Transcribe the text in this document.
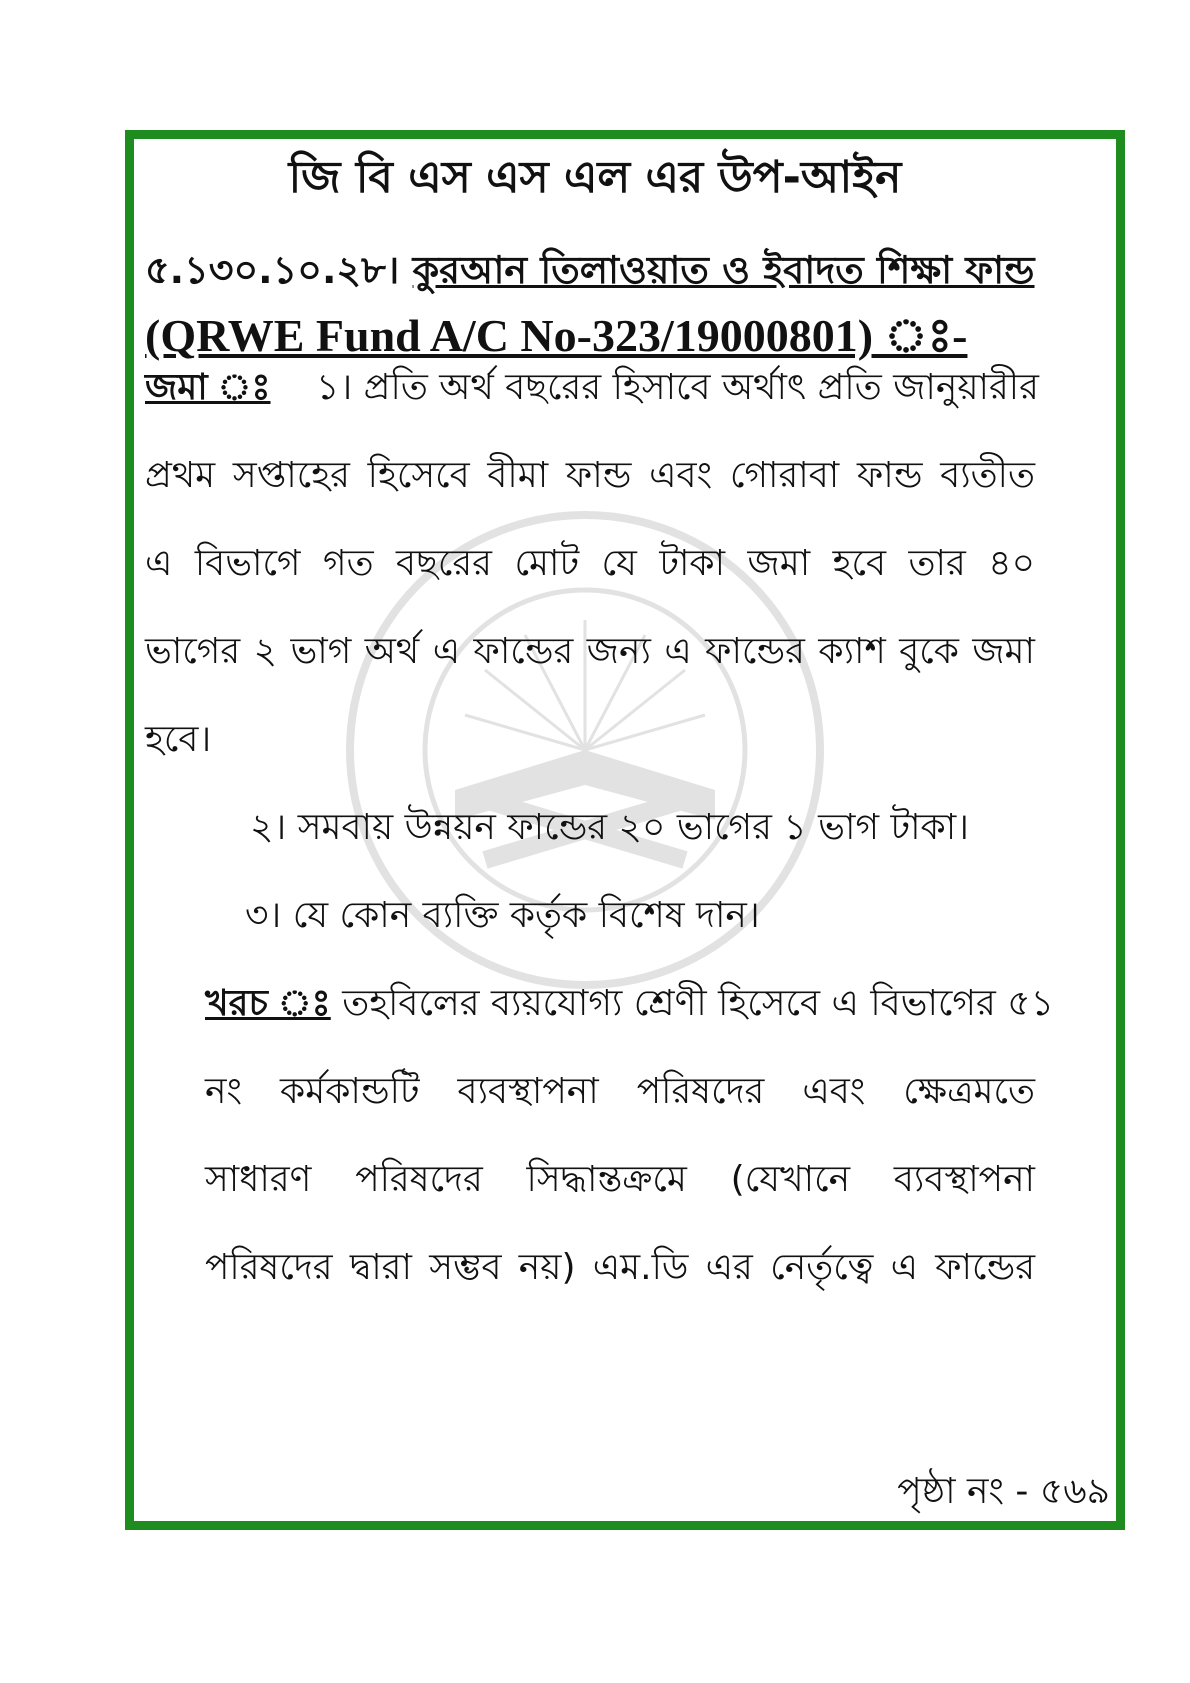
জি বি এস এস এল এর উপ-আইন
৫.১৩০.১০.২৮। কুরআন তিলাওয়াত ও ইবাদত শিক্ষা ফান্ড
(QRWE Fund A/C No-323/19000801) ঃ-
জমা ঃ ১। প্রতি অর্থ বছরের হিসাবে অর্থাৎ প্রতি জানুয়ারীর
প্রথম সপ্তাহের হিসেবে বীমা ফান্ড এবং গোরাবা ফান্ড ব্যতীত
এ বিভাগে গত বছরের মোট যে টাকা জমা হবে তার ৪০
ভাগের ২ ভাগ অর্থ এ ফান্ডের জন্য এ ফান্ডের ক্যাশ বুকে জমা
হবে।
২। সমবায় উন্নয়ন ফান্ডের ২০ ভাগের ১ ভাগ টাকা।
৩। যে কোন ব্যক্তি কর্তৃক বিশেষ দান।
খরচ ঃ তহবিলের ব্যয়যোগ্য শ্রেণী হিসেবে এ বিভাগের ৫১
নং কর্মকান্ডটি ব্যবস্থাপনা পরিষদের এবং ক্ষেত্রমতে
সাধারণ পরিষদের সিদ্ধান্তক্রমে (যেখানে ব্যবস্থাপনা
পরিষদের দ্বারা সম্ভব নয়) এম.ডি এর নের্তৃত্বে এ ফান্ডের
পৃষ্ঠা নং - ৫৬৯
